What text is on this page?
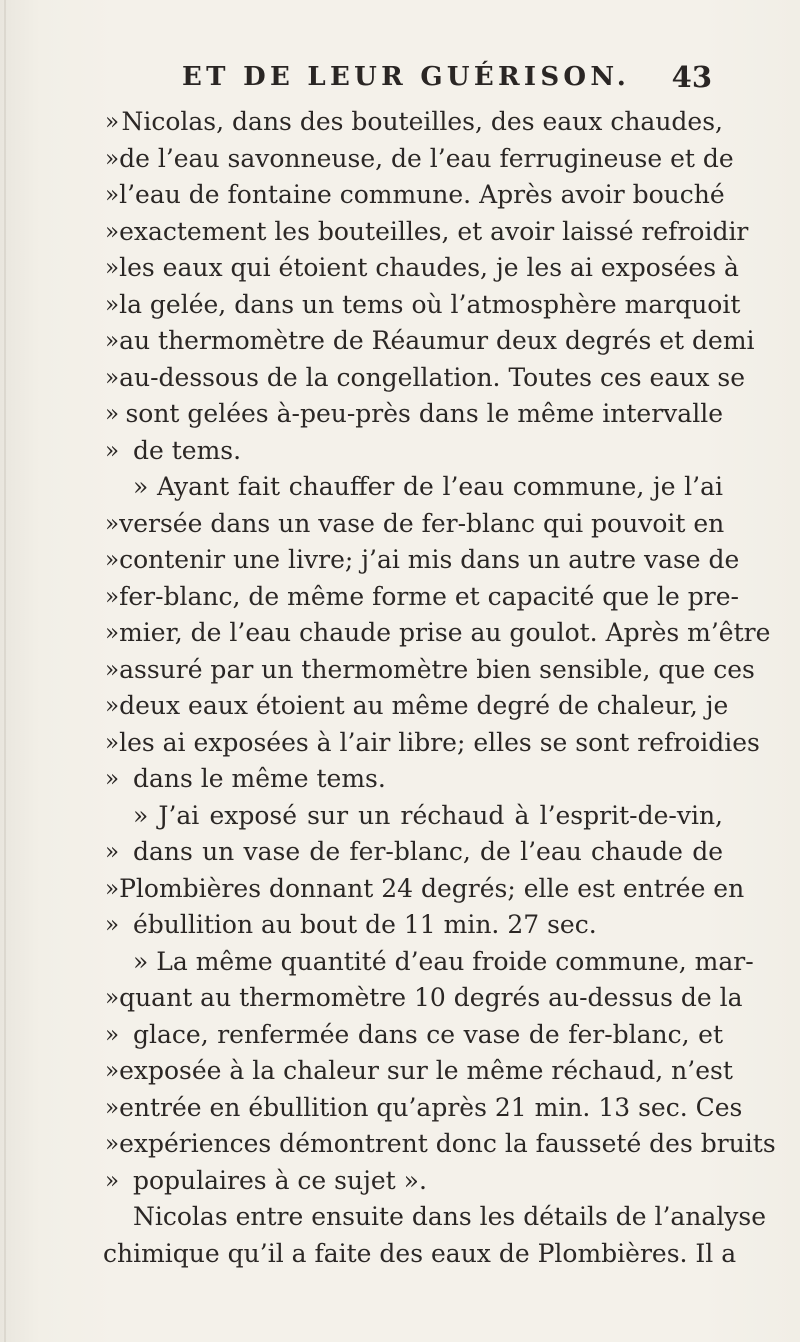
ET DE LEUR GUÉRISON. 43
» Nicolas, dans des bouteilles, des eaux chaudes,
» de l’eau savonneuse, de l’eau ferrugineuse et de
» l’eau de fontaine commune. Après avoir bouché
» exactement les bouteilles, et avoir laissé refroidir
» les eaux qui étoient chaudes, je les ai exposées à
» la gelée, dans un tems où l’atmosphère marquoit
» au thermomètre de Réaumur deux degrés et demi
» au-dessous de la congellation. Toutes ces eaux se
» sont gelées à-peu-près dans le même intervalle
» de tems.
» Ayant fait chauffer de l’eau commune, je l’ai
» versée dans un vase de fer-blanc qui pouvoit en
» contenir une livre; j’ai mis dans un autre vase de
» fer-blanc, de même forme et capacité que le pre-
» mier, de l’eau chaude prise au goulot. Après m’être
» assuré par un thermomètre bien sensible, que ces
» deux eaux étoient au même degré de chaleur, je
» les ai exposées à l’air libre; elles se sont refroidies
» dans le même tems.
» J’ai exposé sur un réchaud à l’esprit-de-vin,
» dans un vase de fer-blanc, de l’eau chaude de
» Plombières donnant 24 degrés; elle est entrée en
» ébullition au bout de 11 min. 27 sec.
» La même quantité d’eau froide commune, mar-
» quant au thermomètre 10 degrés au-dessus de la
» glace, renfermée dans ce vase de fer-blanc, et
» exposée à la chaleur sur le même réchaud, n’est
» entrée en ébullition qu’après 21 min. 13 sec. Ces
» expériences démontrent donc la fausseté des bruits
» populaires à ce sujet ».
Nicolas entre ensuite dans les détails de l’analyse
chimique qu’il a faite des eaux de Plombières. Il a
